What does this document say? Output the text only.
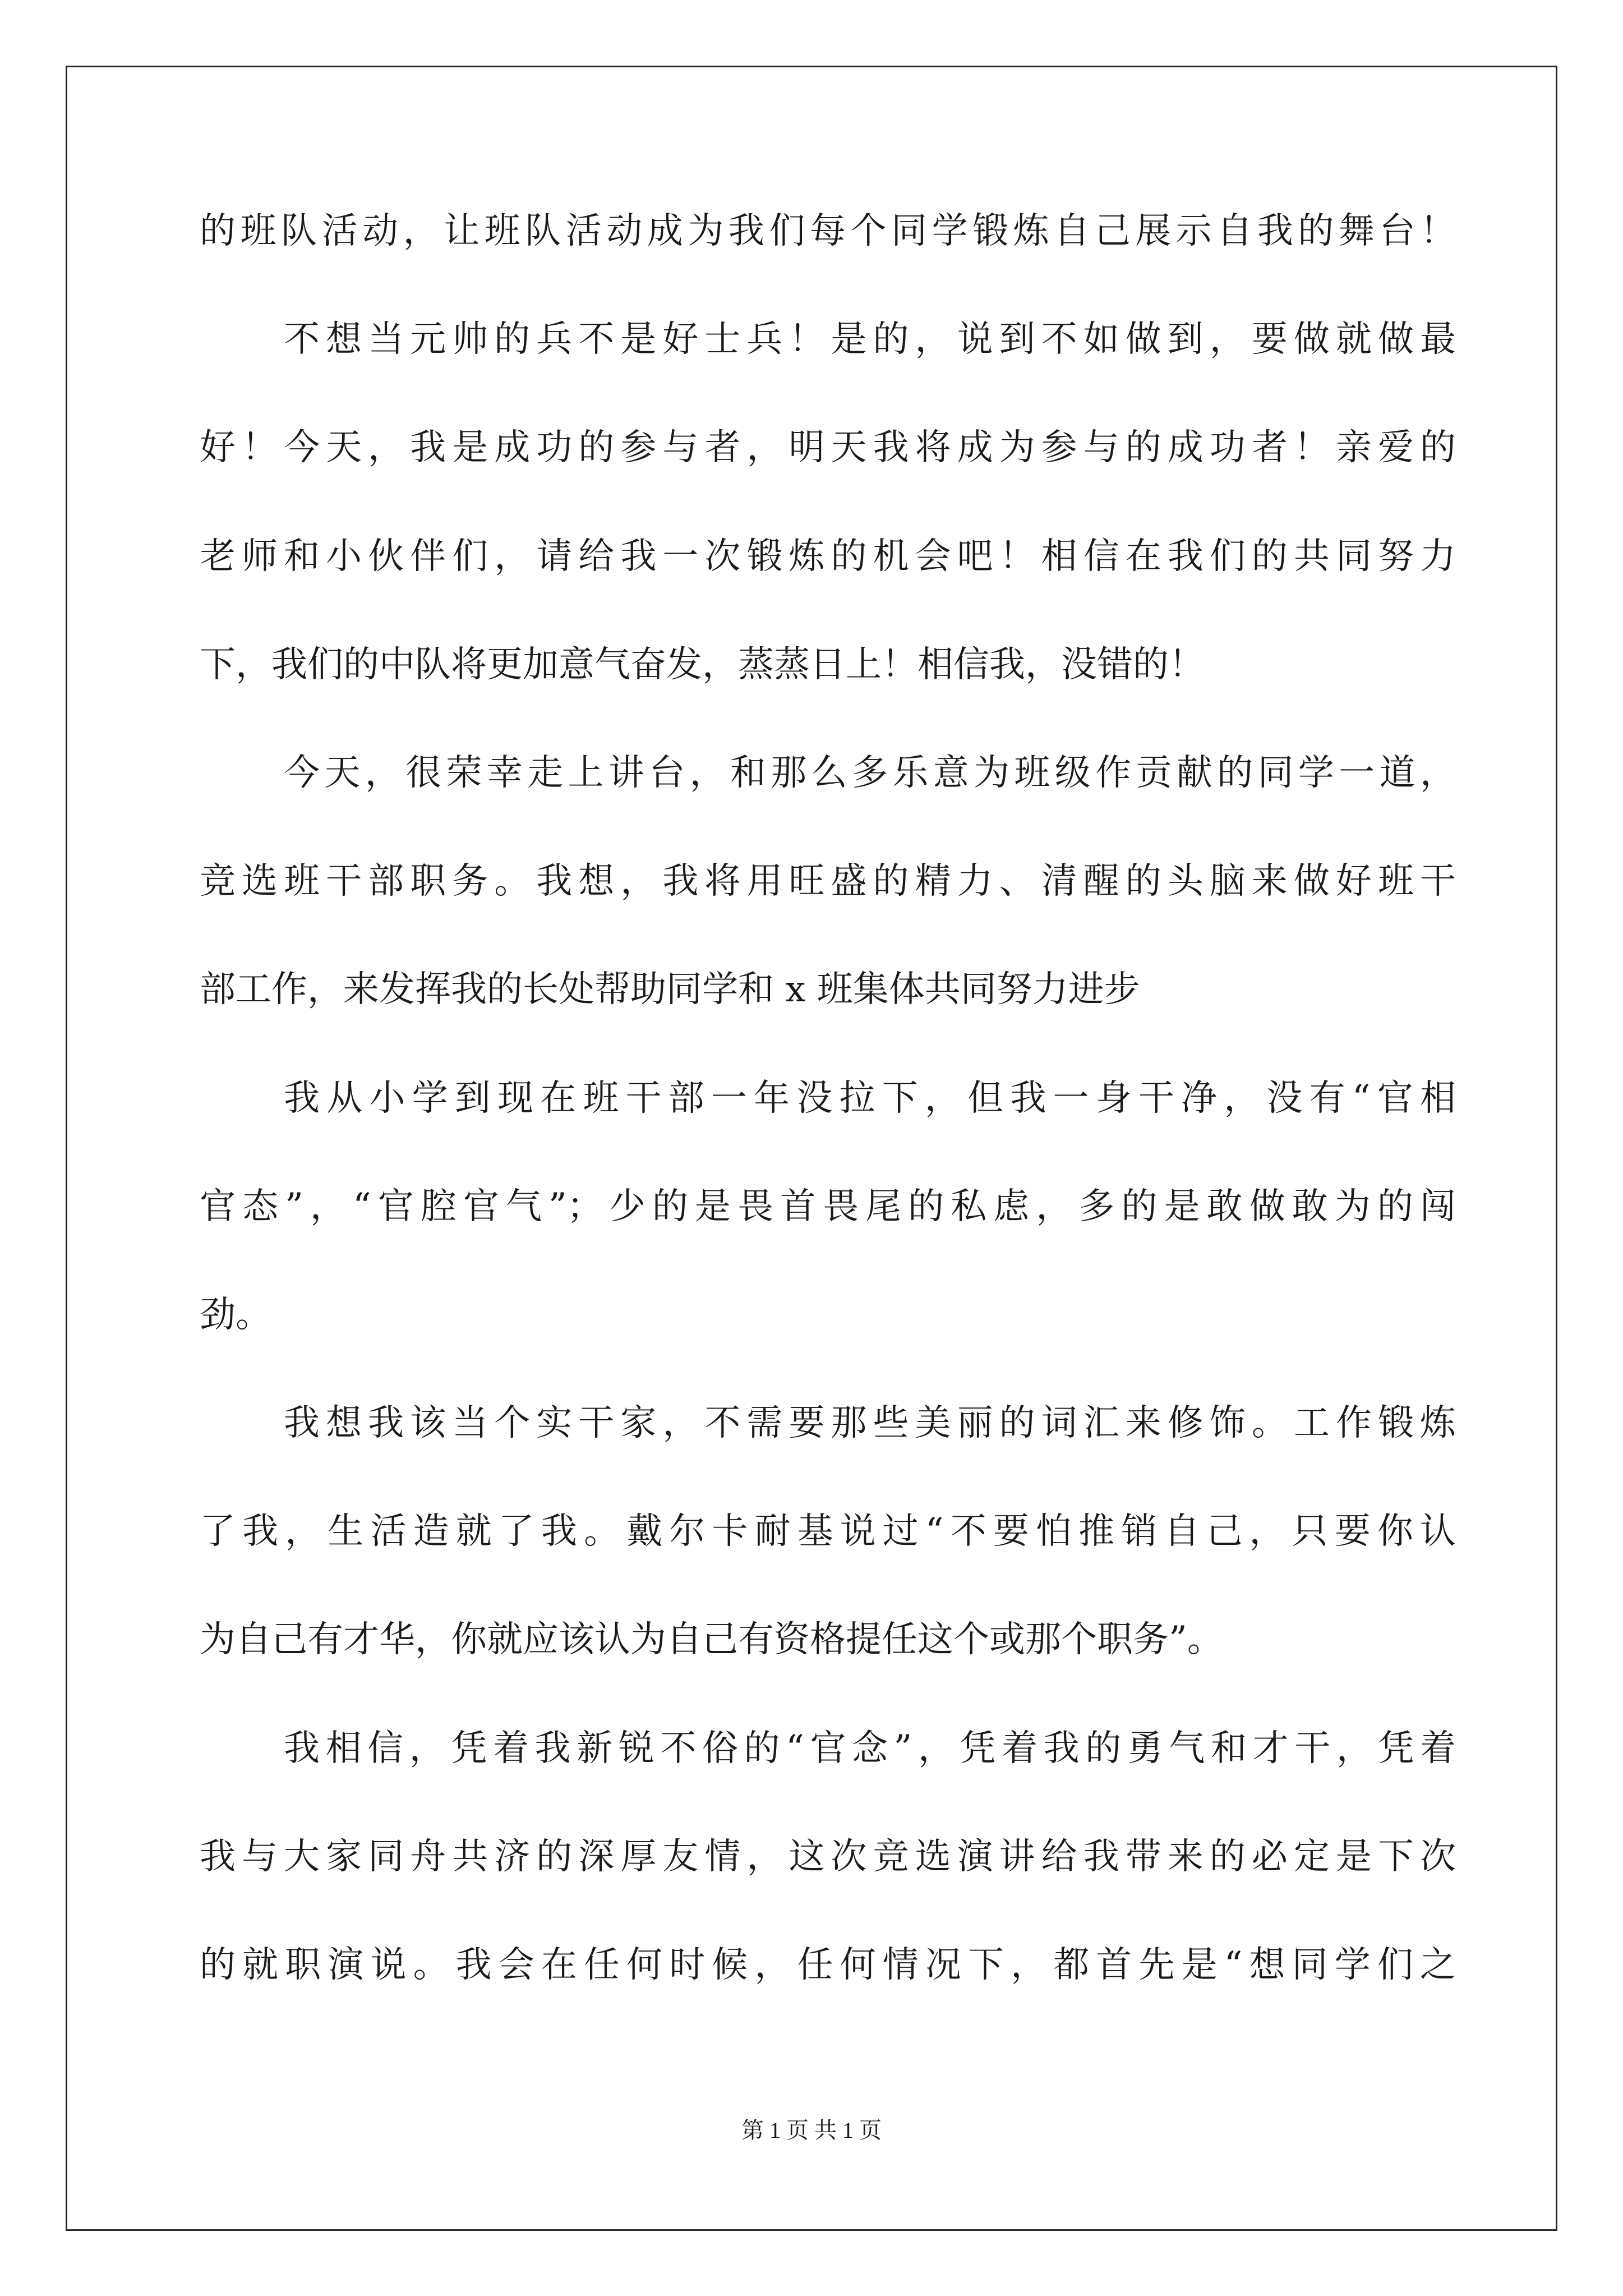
的班队活动，让班队活动成为我们每个同学锻炼自己展示自我的舞台！
不想当元帅的兵不是好士兵！是的，说到不如做到，要做就做最
好！今天，我是成功的参与者，明天我将成为参与的成功者！亲爱的
老师和小伙伴们，请给我一次锻炼的机会吧！相信在我们的共同努力
下，我们的中队将更加意气奋发，蒸蒸日上！相信我，没错的！
今天，很荣幸走上讲台，和那么多乐意为班级作贡献的同学一道，
竞选班干部职务。我想，我将用旺盛的精力、清醒的头脑来做好班干
部工作，来发挥我的长处帮助同学和 x 班集体共同努力进步
我从小学到现在班干部一年没拉下，但我一身干净，没有“官相
官态”，“官腔官气”；少的是畏首畏尾的私虑，多的是敢做敢为的闯
劲。
我想我该当个实干家，不需要那些美丽的词汇来修饰。工作锻炼
了我，生活造就了我。戴尔卡耐基说过“不要怕推销自己，只要你认
为自己有才华，你就应该认为自己有资格提任这个或那个职务”。
我相信，凭着我新锐不俗的“官念”，凭着我的勇气和才干，凭着
我与大家同舟共济的深厚友情，这次竞选演讲给我带来的必定是下次
的就职演说。我会在任何时候，任何情况下，都首先是“想同学们之
第 1 页 共 1 页
